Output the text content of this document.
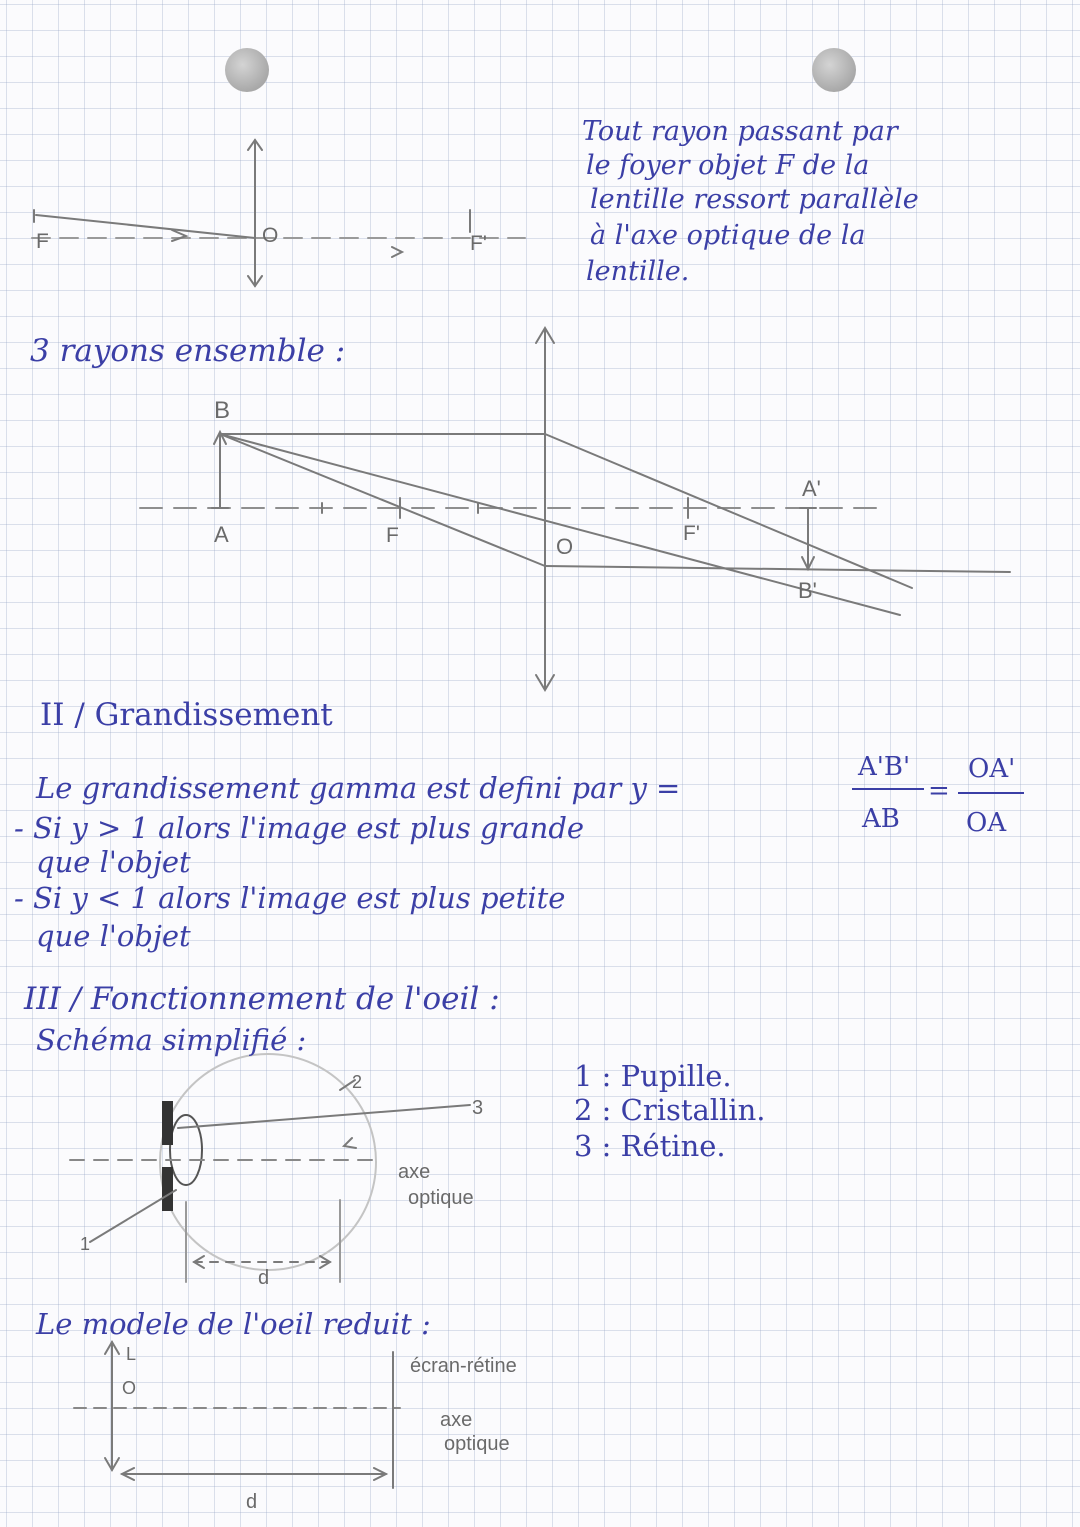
F	O	F'
B
A	F	O
F'
A'
B'
2
3
1
d
axe
optique
L
O
écran-rétine
axe
optique
d
Tout rayon passant par
le foyer objet F de la
lentille ressort parallèle
à l'axe optique de la
lentille.
3 rayons ensemble :
II / Grandissement
Le grandissement gamma est defini par y =
A'B'
AB
=
OA'
OA
- Si y > 1 alors l'image est plus grande
que l'objet
- Si y < 1 alors l'image est plus petite
que l'objet
III / Fonctionnement de l'oeil :
Schéma simplifié :
1 : Pupille.
2 : Cristallin.
3 : Rétine.
Le modele de l'oeil reduit :
